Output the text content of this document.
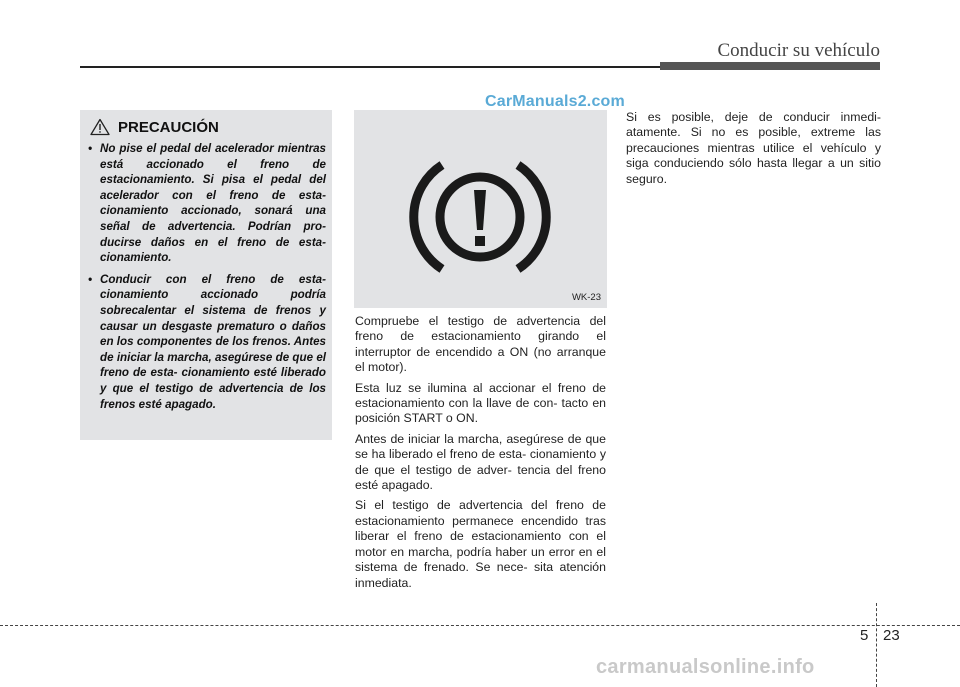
Conducir su vehículo
CarManuals2.com
PRECAUCIÓN
• No pise el pedal del acelerador mientras está accionado el freno de estacionamiento. Si pisa el pedal del acelerador con el freno de esta- cionamiento accionado, sonará una señal de advertencia. Podrían pro- ducirse daños en el freno de esta- cionamiento.
• Conducir con el freno de esta- cionamiento accionado podría sobrecalentar el sistema de frenos y causar un desgaste prematuro o daños en los componentes de los frenos. Antes de iniciar la marcha, asegúrese de que el freno de esta- cionamiento esté liberado y que el testigo de advertencia de los frenos esté apagado.
WK-23

Compruebe el testigo de advertencia del freno de estacionamiento girando el interruptor de encendido a ON (no arranque el motor).

Esta luz se ilumina al accionar el freno de estacionamiento con la llave de con- tacto en posición START o ON.

Antes de iniciar la marcha, asegúrese de que se ha liberado el freno de esta- cionamiento y de que el testigo de adver- tencia del freno esté apagado.

Si el testigo de advertencia del freno de estacionamiento permanece encendido tras liberar el freno de estacionamiento con el motor en marcha, podría haber un error en el sistema de frenado. Se nece- sita atención inmediata.

Si es posible, deje de conducir inmedi- atamente. Si no es posible, extreme las precauciones mientras utilice el vehículo y siga conduciendo sólo hasta llegar a un sitio seguro.

5 23
carmanualsonline.info
